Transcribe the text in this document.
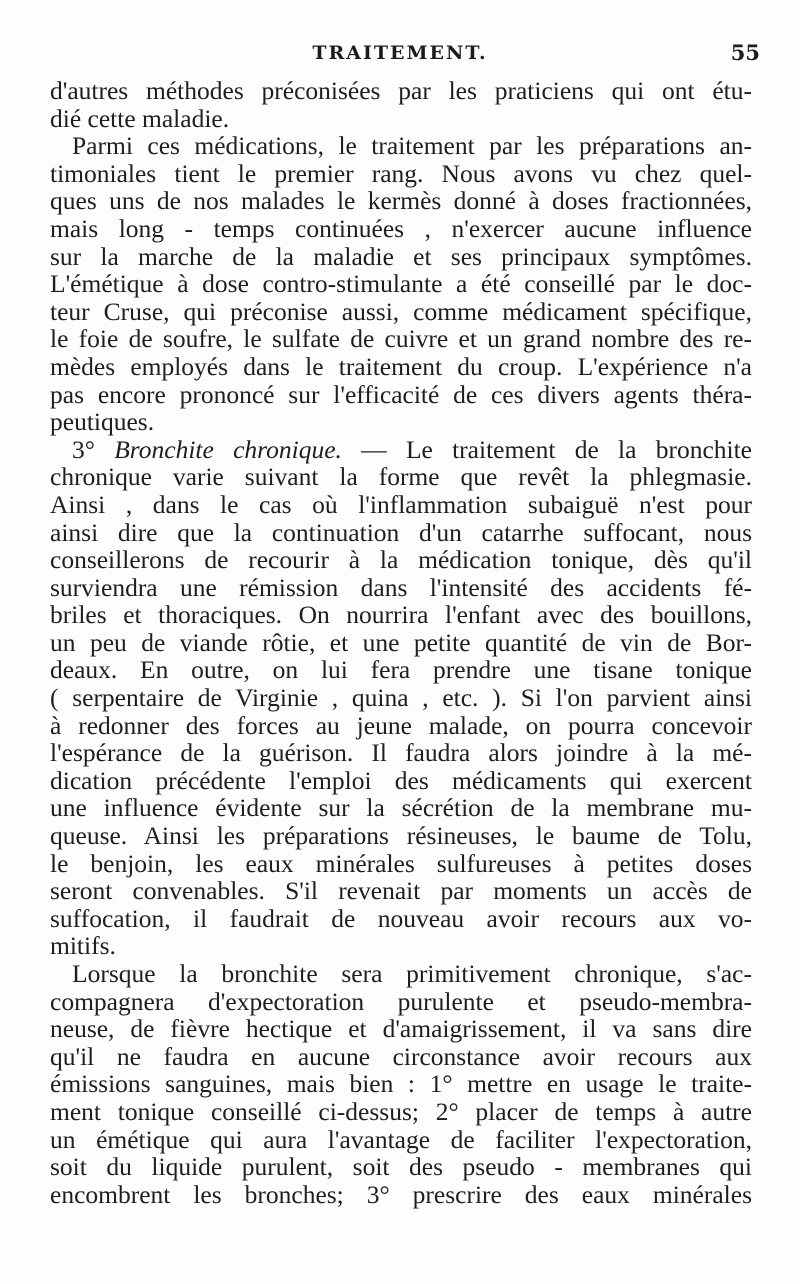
TRAITEMENT.	55
d'autres méthodes préconisées par les praticiens qui ont étu-
dié cette maladie.
Parmi ces médications, le traitement par les préparations an-
timoniales tient le premier rang. Nous avons vu chez quel-
ques uns de nos malades le kermès donné à doses fractionnées,
mais long - temps continuées , n'exercer aucune influence
sur la marche de la maladie et ses principaux symptômes.
L'émétique à dose contro-stimulante a été conseillé par le doc-
teur Cruse, qui préconise aussi, comme médicament spécifique,
le foie de soufre, le sulfate de cuivre et un grand nombre des re-
mèdes employés dans le traitement du croup. L'expérience n'a
pas encore prononcé sur l'efficacité de ces divers agents théra-
peutiques.
3° Bronchite chronique. — Le traitement de la bronchite
chronique varie suivant la forme que revêt la phlegmasie.
Ainsi , dans le cas où l'inflammation subaiguë n'est pour
ainsi dire que la continuation d'un catarrhe suffocant, nous
conseillerons de recourir à la médication tonique, dès qu'il
surviendra une rémission dans l'intensité des accidents fé-
briles et thoraciques. On nourrira l'enfant avec des bouillons,
un peu de viande rôtie, et une petite quantité de vin de Bor-
deaux. En outre, on lui fera prendre une tisane tonique
( serpentaire de Virginie , quina , etc. ). Si l'on parvient ainsi
à redonner des forces au jeune malade, on pourra concevoir
l'espérance de la guérison. Il faudra alors joindre à la mé-
dication précédente l'emploi des médicaments qui exercent
une influence évidente sur la sécrétion de la membrane mu-
queuse. Ainsi les préparations résineuses, le baume de Tolu,
le benjoin, les eaux minérales sulfureuses à petites doses
seront convenables. S'il revenait par moments un accès de
suffocation, il faudrait de nouveau avoir recours aux vo-
mitifs.
Lorsque la bronchite sera primitivement chronique, s'ac-
compagnera d'expectoration purulente et pseudo-membra-
neuse, de fièvre hectique et d'amaigrissement, il va sans dire
qu'il ne faudra en aucune circonstance avoir recours aux
émissions sanguines, mais bien : 1° mettre en usage le traite-
ment tonique conseillé ci-dessus; 2° placer de temps à autre
un émétique qui aura l'avantage de faciliter l'expectoration,
soit du liquide purulent, soit des pseudo - membranes qui
encombrent les bronches; 3° prescrire des eaux minérales
